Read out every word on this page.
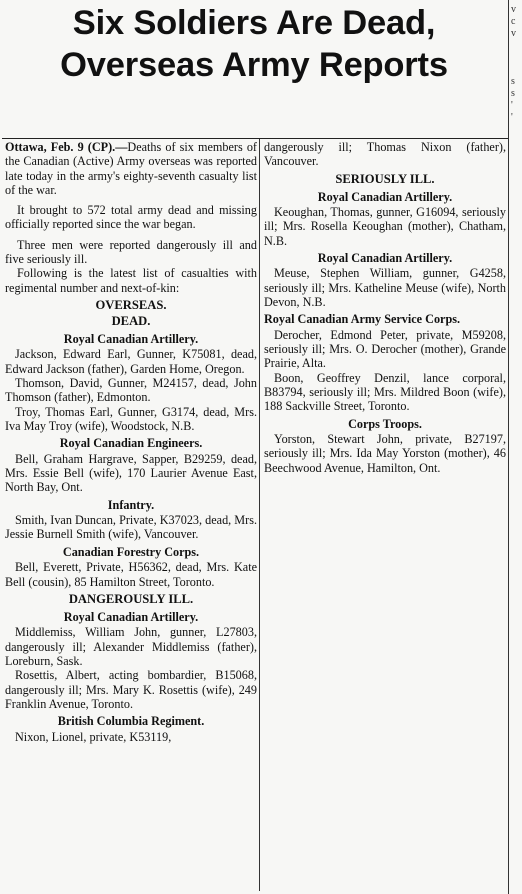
Six Soldiers Are Dead,
Overseas Army Reports

Ottawa, Feb. 9 (CP).—Deaths of six members of the Canadian (Active) Army overseas was reported late today in the army's eighty-seventh casualty list of the war.

It brought to 572 total army dead and missing officially reported since the war began.

Three men were reported dangerously ill and five seriously ill.

Following is the latest list of casualties with regimental number and next-of-kin:

OVERSEAS.
DEAD.
Royal Canadian Artillery.

Jackson, Edward Earl, Gunner, K75081, dead, Edward Jackson (father), Garden Home, Oregon.

Thomson, David, Gunner, M24157, dead, John Thomson (father), Edmonton.

Troy, Thomas Earl, Gunner, G3174, dead, Mrs. Iva May Troy (wife), Woodstock, N.B.

Royal Canadian Engineers.

Bell, Graham Hargrave, Sapper, B29259, dead, Mrs. Essie Bell (wife), 170 Laurier Avenue East, North Bay, Ont.

Infantry.

Smith, Ivan Duncan, Private, K37023, dead, Mrs. Jessie Burnell Smith (wife), Vancouver.

Canadian Forestry Corps.

Bell, Everett, Private, H56362, dead, Mrs. Kate Bell (cousin), 85 Hamilton Street, Toronto.

DANGEROUSLY ILL.
Royal Canadian Artillery.

Middlemiss, William John, gunner, L27803, dangerously ill; Alexander Middlemiss (father), Loreburn, Sask.

Rosettis, Albert, acting bombardier, B15068, dangerously ill; Mrs. Mary K. Rosettis (wife), 249 Franklin Avenue, Toronto.

British Columbia Regiment.

Nixon, Lionel, private, K53119,

dangerously ill; Thomas Nixon (father), Vancouver.

SERIOUSLY ILL.
Royal Canadian Artillery.

Keoughan, Thomas, gunner, G16094, seriously ill; Mrs. Rosella Keoughan (mother), Chatham, N.B.

Royal Canadian Artillery.

Meuse, Stephen William, gunner, G4258, seriously ill; Mrs. Katheline Meuse (wife), North Devon, N.B.

Royal Canadian Army Service Corps.

Derocher, Edmond Peter, private, M59208, seriously ill; Mrs. O. Derocher (mother), Grande Prairie, Alta.

Boon, Geoffrey Denzil, lance corporal, B83794, seriously ill; Mrs. Mildred Boon (wife), 188 Sackville Street, Toronto.

Corps Troops.

Yorston, Stewart John, private, B27197, seriously ill; Mrs. Ida May Yorston (mother), 46 Beechwood Avenue, Hamilton, Ont.

v
c
v

s
s
'
'
